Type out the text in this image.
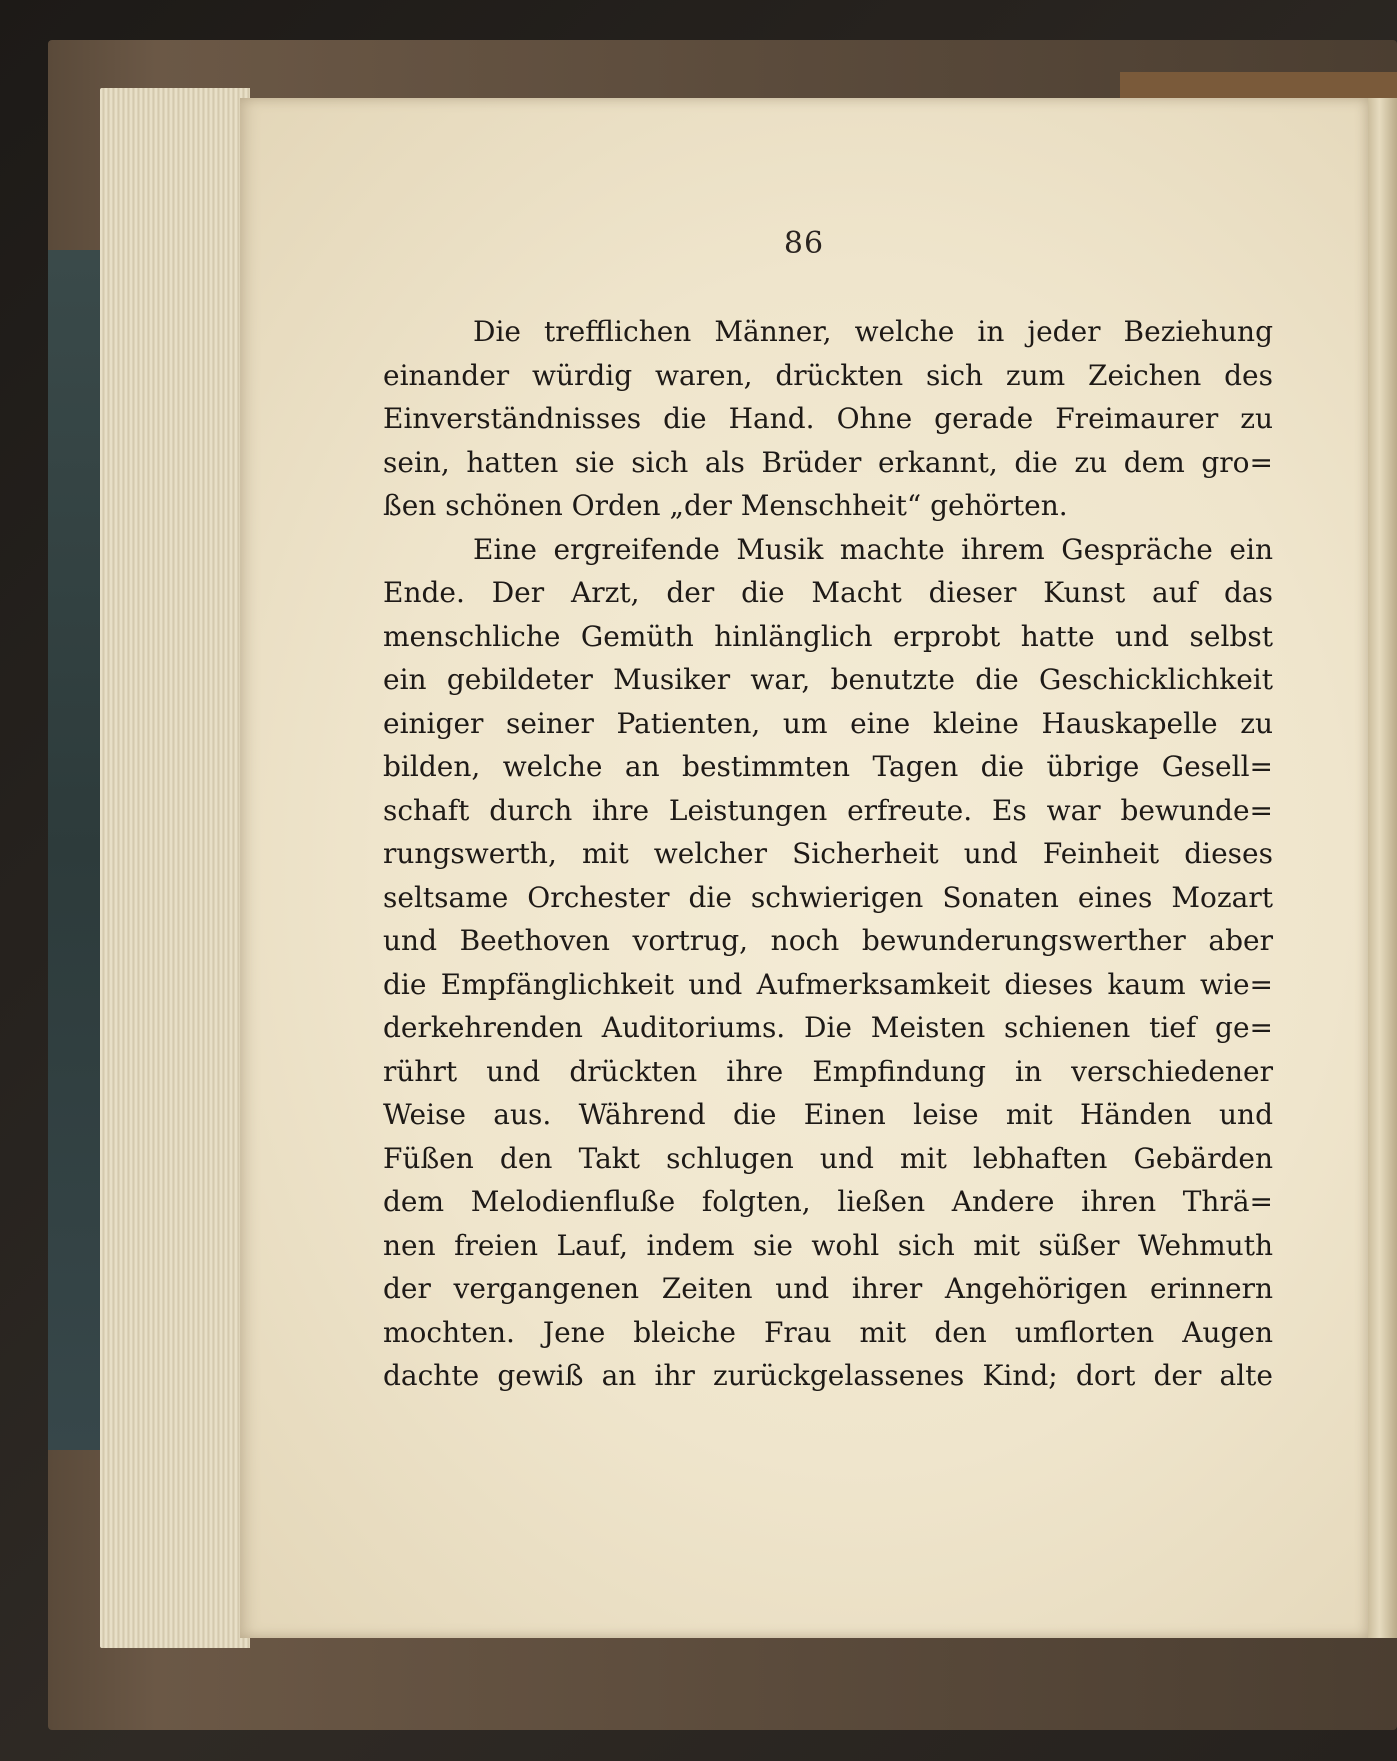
86
Die trefflichen Männer, welche in jeder Beziehung
einander würdig waren, drückten sich zum Zeichen des
Einverständnisses die Hand. Ohne gerade Freimaurer zu
sein, hatten sie sich als Brüder erkannt, die zu dem gro=
ßen schönen Orden „der Menschheit“ gehörten.
Eine ergreifende Musik machte ihrem Gespräche ein
Ende. Der Arzt, der die Macht dieser Kunst auf das
menschliche Gemüth hinlänglich erprobt hatte und selbst
ein gebildeter Musiker war, benutzte die Geschicklichkeit
einiger seiner Patienten, um eine kleine Hauskapelle zu
bilden, welche an bestimmten Tagen die übrige Gesell=
schaft durch ihre Leistungen erfreute. Es war bewunde=
rungswerth, mit welcher Sicherheit und Feinheit dieses
seltsame Orchester die schwierigen Sonaten eines Mozart
und Beethoven vortrug, noch bewunderungswerther aber
die Empfänglichkeit und Aufmerksamkeit dieses kaum wie=
derkehrenden Auditoriums. Die Meisten schienen tief ge=
rührt und drückten ihre Empfindung in verschiedener
Weise aus. Während die Einen leise mit Händen und
Füßen den Takt schlugen und mit lebhaften Gebärden
dem Melodienfluße folgten, ließen Andere ihren Thrä=
nen freien Lauf, indem sie wohl sich mit süßer Wehmuth
der vergangenen Zeiten und ihrer Angehörigen erinnern
mochten. Jene bleiche Frau mit den umflorten Augen
dachte gewiß an ihr zurückgelassenes Kind; dort der alte
